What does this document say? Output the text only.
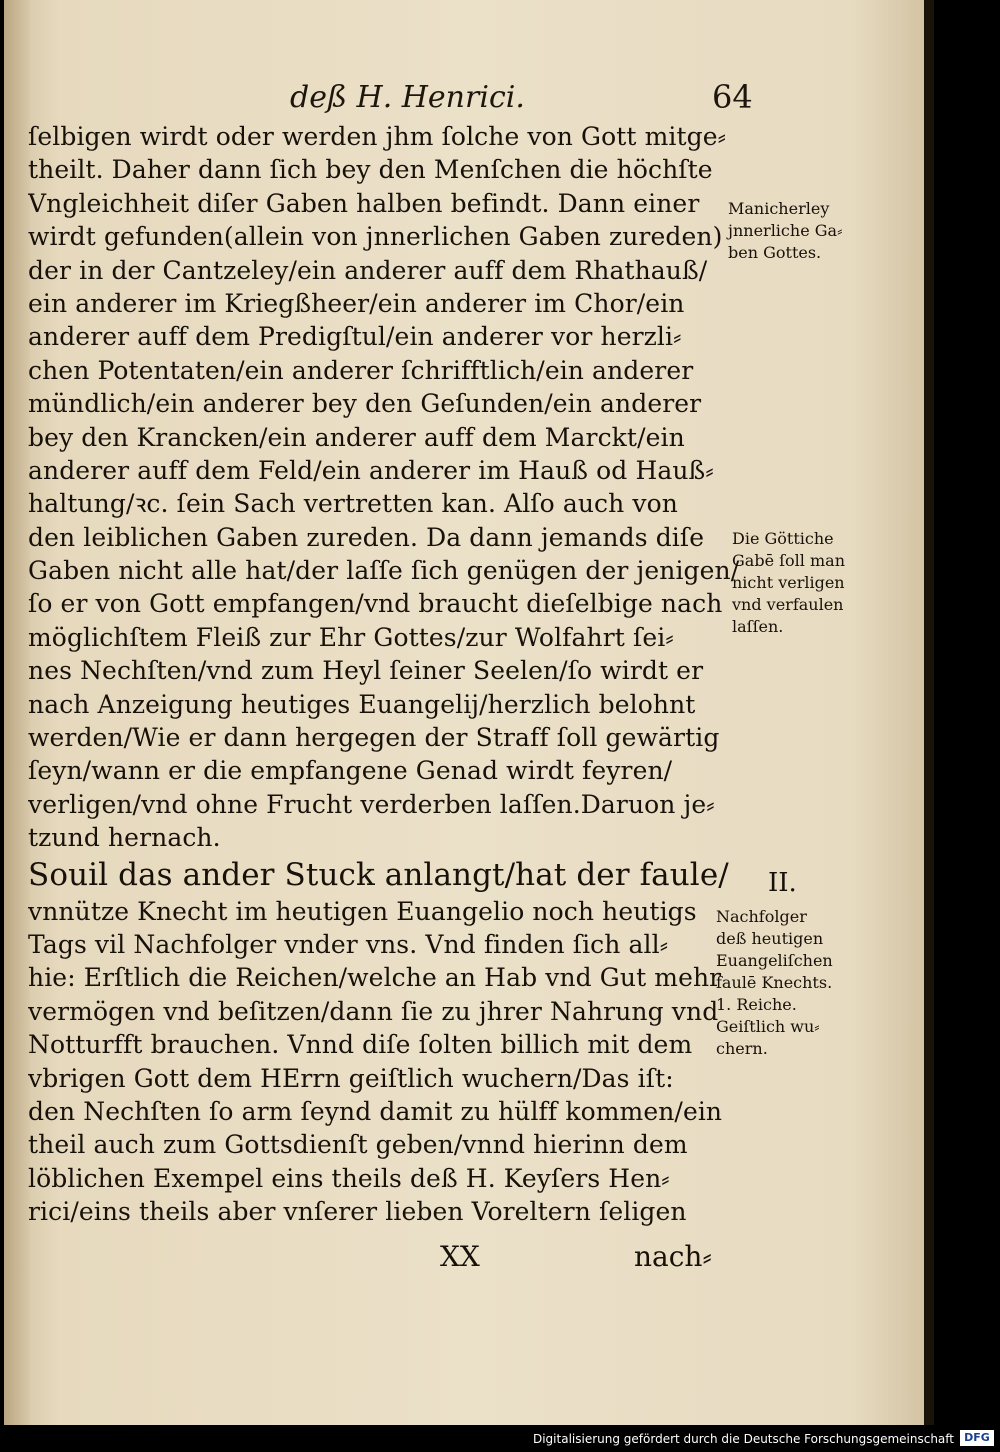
deß H. Henrici.	64
ſelbigen wirdt oder werden jhm ſolche von Gott mitge⸗
theilt. Daher dann ſich bey den Menſchen die höchſte
Vngleichheit diſer Gaben halben befindt. Dann einer
wirdt gefunden(allein von jnnerlichen Gaben zureden)
der in der Cantzeley/ein anderer auff dem Rhathauß/
ein anderer im Kriegßheer/ein anderer im Chor/ein
anderer auff dem Predigſtul/ein anderer vor herzli⸗
chen Potentaten/ein anderer ſchrifftlich/ein anderer
mündlich/ein anderer bey den Geſunden/ein anderer
bey den Krancken/ein anderer auff dem Marckt/ein
anderer auff dem Feld/ein anderer im Hauß od Hauß⸗
haltung/ꝛc. ſein Sach vertretten kan. Alſo auch von
den leiblichen Gaben zureden. Da dann jemands diſe
Gaben nicht alle hat/der laſſe ſich genügen der jenigen/
ſo er von Gott empfangen/vnd braucht dieſelbige nach
möglichſtem Fleiß zur Ehr Gottes/zur Wolfahrt ſei⸗
nes Nechſten/vnd zum Heyl ſeiner Seelen/ſo wirdt er
nach Anzeigung heutiges Euangelij/herzlich belohnt
werden/Wie er dann hergegen der Straff ſoll gewärtig
ſeyn/wann er die empfangene Genad wirdt feyren/
verligen/vnd ohne Frucht verderben laſſen.Daruon je⸗
tzund hernach.
Souil das ander Stuck anlangt/hat der faule/
vnnütze Knecht im heutigen Euangelio noch heutigs
Tags vil Nachfolger vnder vns. Vnd finden ſich all⸗
hie: Erſtlich die Reichen/welche an Hab vnd Gut mehr
vermögen vnd beſitzen/dann ſie zu jhrer Nahrung vnd
Notturfft brauchen. Vnnd diſe ſolten billich mit dem
vbrigen Gott dem HErrn geiſtlich wuchern/Das iſt:
den Nechſten ſo arm ſeynd damit zu hülff kommen/ein
theil auch zum Gottsdienſt geben/vnnd hierinn dem
löblichen Exempel eins theils deß H. Keyſers Hen⸗
rici/eins theils aber vnſerer lieben Voreltern ſeligen
XX	nach⸗
Manicherley
jnnerliche Ga⸗
ben Gottes.
Die Göttiche
Gabē ſoll man
nicht verligen
vnd verfaulen
laſſen.
II.
Nachfolger
deß heutigen
Euangeliſchen
faulē Knechts.
1. Reiche.
Geiſtlich wu⸗
chern.
Digitalisierung gefördert durch die Deutsche Forschungsgemeinschaft DFG
